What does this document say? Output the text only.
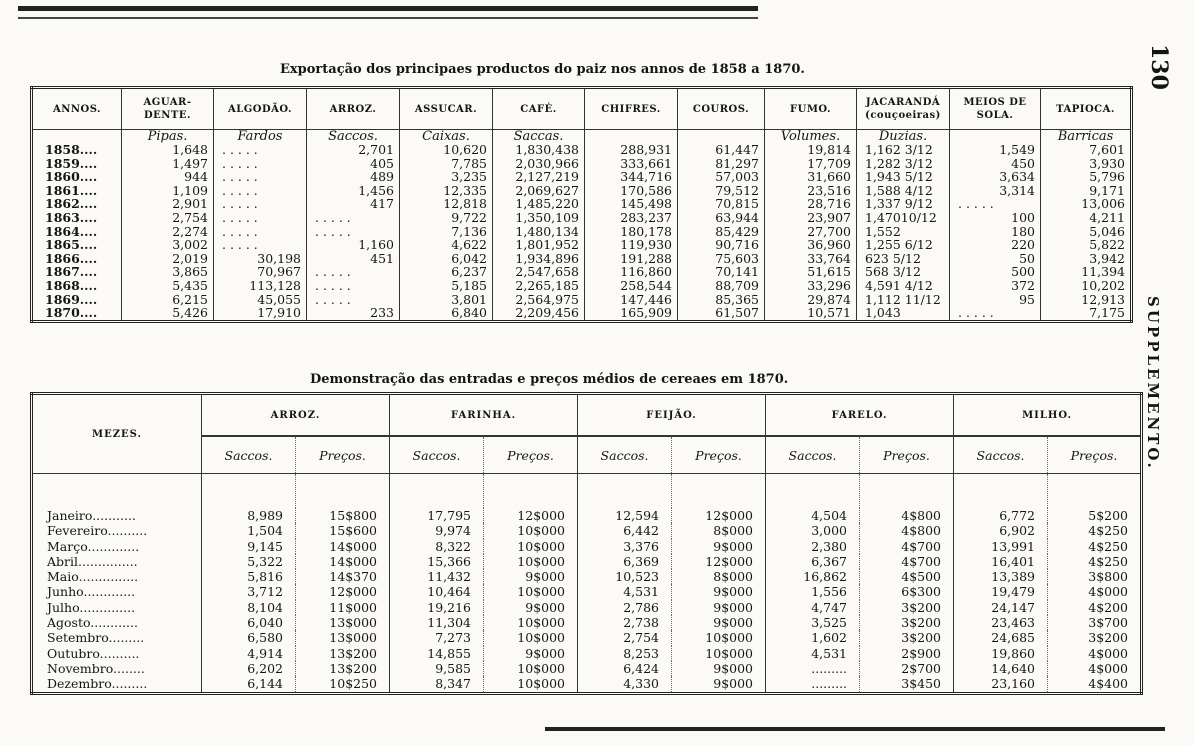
130
SUPPLEMENTO.
Exportação dos principaes productos do paiz nos annos de 1858 a 1870.
ANNOS.	AGUAR-DENTE.	ALGODÃO.	ARROZ.	ASSUCAR.	CAFÉ.	CHIFRES.	COUROS.	FUMO.	JACARANDÁ (couçoeiras)	MEIOS DE SOLA.	TAPIOCA.
	Pipas.	Fardos	Saccos.	Caixas.	Saccas.			Volumes.	Duzias.		Barricas
1858....	1,648	. . . . .	2,701	10,620	1,830,438	288,931	61,447	19,814	1,162 3/12	1,549	7,601
1859....	1,497	. . . . .	405	7,785	2,030,966	333,661	81,297	17,709	1,282 3/12	450	3,930
1860....	944	. . . . .	489	3,235	2,127,219	344,716	57,003	31,660	1,943 5/12	3,634	5,796
1861....	1,109	. . . . .	1,456	12,335	2,069,627	170,586	79,512	23,516	1,588 4/12	3,314	9,171
1862....	2,901	. . . . .	417	12,818	1,485,220	145,498	70,815	28,716	1,337 9/12	. . . . .	13,006
1863....	2,754	. . . . .	. . . . .	9,722	1,350,109	283,237	63,944	23,907	1,47010/12	100	4,211
1864....	2,274	. . . . .	. . . . .	7,136	1,480,134	180,178	85,429	27,700	1,552	180	5,046
1865....	3,002	. . . . .	1,160	4,622	1,801,952	119,930	90,716	36,960	1,255 6/12	220	5,822
1866....	2,019	30,198	451	6,042	1,934,896	191,288	75,603	33,764	623 5/12	50	3,942
1867....	3,865	70,967	. . . . .	6,237	2,547,658	116,860	70,141	51,615	568 3/12	500	11,394
1868....	5,435	113,128	. . . . .	5,185	2,265,185	258,544	88,709	33,296	4,591 4/12	372	10,202
1869....	6,215	45,055	. . . . .	3,801	2,564,975	147,446	85,365	29,874	1,112 11/12	95	12,913
1870....	5,426	17,910	233	6,840	2,209,456	165,909	61,507	10,571	1,043	. . . . .	7,175
Demonstração das entradas e preços médios de cereaes em 1870.
MEZES.	ARROZ.		FARINHA.		FEIJÃO.		FARELO.		MILHO.	
	Saccos.	Preços.	Saccos.	Preços.	Saccos.	Preços.	Saccos.	Preços.	Saccos.	Preços.

Janeiro...........	8,989	15$800	17,795	12$000	12,594	12$000	4,504	4$800	6,772	5$200
Fevereiro..........	1,504	15$600	9,974	10$000	6,442	8$000	3,000	4$800	6,902	4$250
Março.............	9,145	14$000	8,322	10$000	3,376	9$000	2,380	4$700	13,991	4$250
Abril...............	5,322	14$000	15,366	10$000	6,369	12$000	6,367	4$700	16,401	4$250
Maio...............	5,816	14$370	11,432	9$000	10,523	8$000	16,862	4$500	13,389	3$800
Junho.............	3,712	12$000	10,464	10$000	4,531	9$000	1,556	6$300	19,479	4$000
Julho..............	8,104	11$000	19,216	9$000	2,786	9$000	4,747	3$200	24,147	4$200
Agosto............	6,040	13$000	11,304	10$000	2,738	9$000	3,525	3$200	23,463	3$700
Setembro.........	6,580	13$000	7,273	10$000	2,754	10$000	1,602	3$200	24,685	3$200
Outubro..........	4,914	13$200	14,855	9$000	8,253	10$000	4,531	2$900	19,860	4$000
Novembro........	6,202	13$200	9,585	10$000	6,424	9$000	.........	2$700	14,640	4$000
Dezembro.........	6,144	10$250	8,347	10$000	4,330	9$000	.........	3$450	23,160	4$400
